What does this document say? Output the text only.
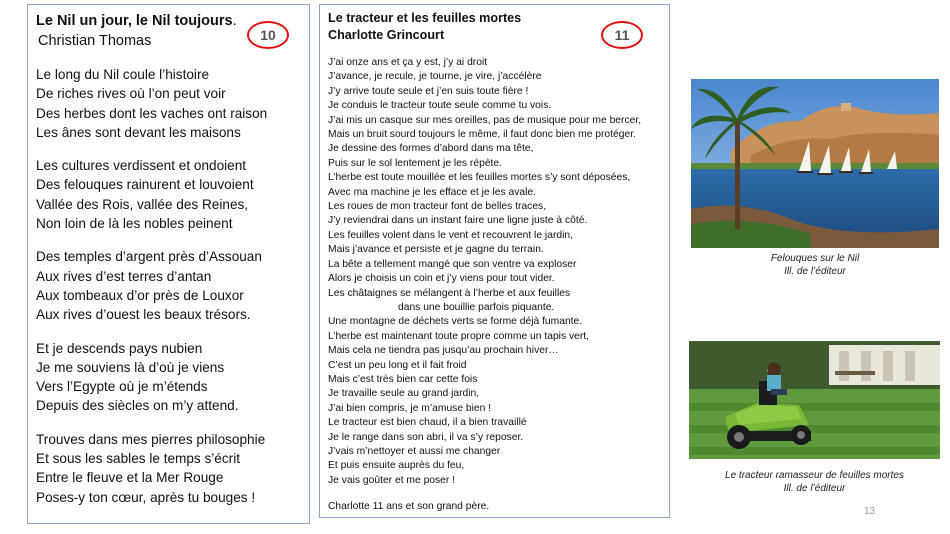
Le Nil un jour, le Nil toujours.
Christian Thomas
Le long du Nil coule l’histoire
De riches rives où l’on peut voir
Des herbes dont les vaches ont raison
Les ânes sont devant les maisons
Les cultures verdissent et ondoient
Des felouques rainurent et louvoient
Vallée des Rois, vallée des Reines,
Non loin de là les nobles peinent
Des temples d’argent près d’Assouan
Aux rives d’est terres d’antan
Aux tombeaux d’or près de Louxor
Aux rives d’ouest les beaux trésors.
Et je descends pays nubien
Je me souviens là d’où je viens
Vers l’Egypte où je m’étends
Depuis des siècles on m’y attend.
Trouves dans mes pierres philosophie
Et sous les sables le temps s’écrit
Entre le fleuve et la Mer Rouge
Poses-y ton cœur, après tu bouges !
10
Le tracteur et les feuilles mortes
Charlotte Grincourt
J’ai onze ans et ça y est, j’y ai droit
J’avance, je recule, je tourne, je vire, j’accélère
J’y arrive toute seule et j’en suis toute fière !
Je conduis le tracteur toute seule comme tu vois.
J’ai mis un casque sur mes oreilles, pas de musique pour me bercer,
Mais un bruit sourd toujours le même, il faut donc bien me protéger.
Je dessine des formes d’abord dans ma tête,
Puis sur le sol lentement je les répète.
L’herbe est toute mouillée et les feuilles mortes s’y sont déposées,
Avec ma machine je les efface et je les avale.
Les roues de mon tracteur font de belles traces,
J’y reviendrai dans un instant faire une ligne juste à côté.
Les feuilles volent dans le vent et recouvrent le jardin,
Mais j’avance et persiste et je gagne du terrain.
La bête a tellement mangé que son ventre va exploser
Alors je choisis un coin et j’y viens pour tout vider.
Les châtaignes se mélangent à l’herbe et aux feuilles
dans une bouillie parfois piquante.
Une montagne de déchets verts se forme déjà fumante.
L’herbe est maintenant toute propre comme un tapis vert,
Mais cela ne tiendra pas jusqu’au prochain hiver…
C’est un peu long et il fait froid
Mais c’est très bien car cette fois
Je travaille seule au grand jardin,
J’ai bien compris, je m’amuse bien !
Le tracteur est bien chaud, il a bien travaillé
Je le range dans son abri, il va s’y reposer.
J’vais m’nettoyer et aussi me changer
Et puis ensuite auprès du feu,
Je vais goûter et me poser !
Charlotte 11 ans et son grand père.
11
Felouques sur le Nil
Ill. de l’éditeur
Le tracteur ramasseur de feuilles mortes
Ill. de l’éditeur
13
